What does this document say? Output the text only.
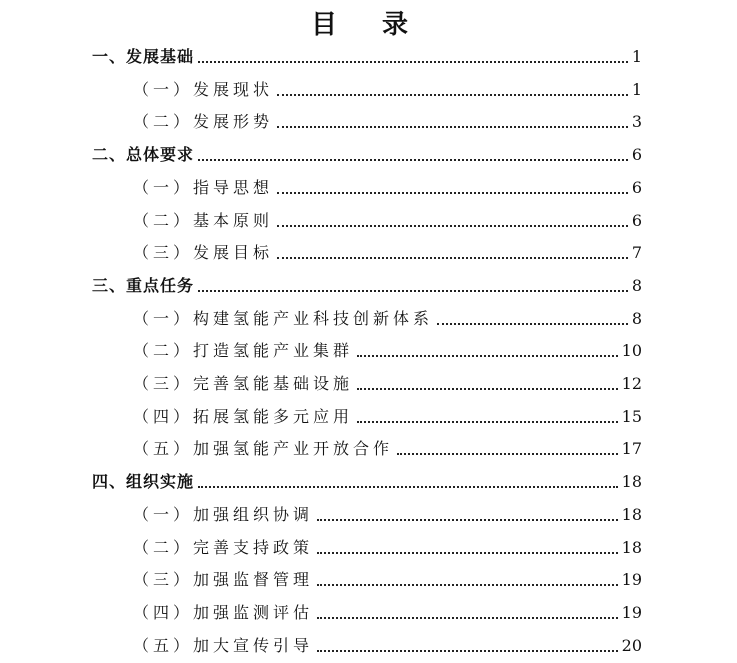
目 录
一、发展基础	1
（一）发展现状	1
（二）发展形势	3
二、总体要求	6
（一）指导思想	6
（二）基本原则	6
（三）发展目标	7
三、重点任务	8
（一）构建氢能产业科技创新体系	8
（二）打造氢能产业集群	10
（三）完善氢能基础设施	12
（四）拓展氢能多元应用	15
（五）加强氢能产业开放合作	17
四、组织实施	18
（一）加强组织协调	18
（二）完善支持政策	18
（三）加强监督管理	19
（四）加强监测评估	19
（五）加大宣传引导	20
